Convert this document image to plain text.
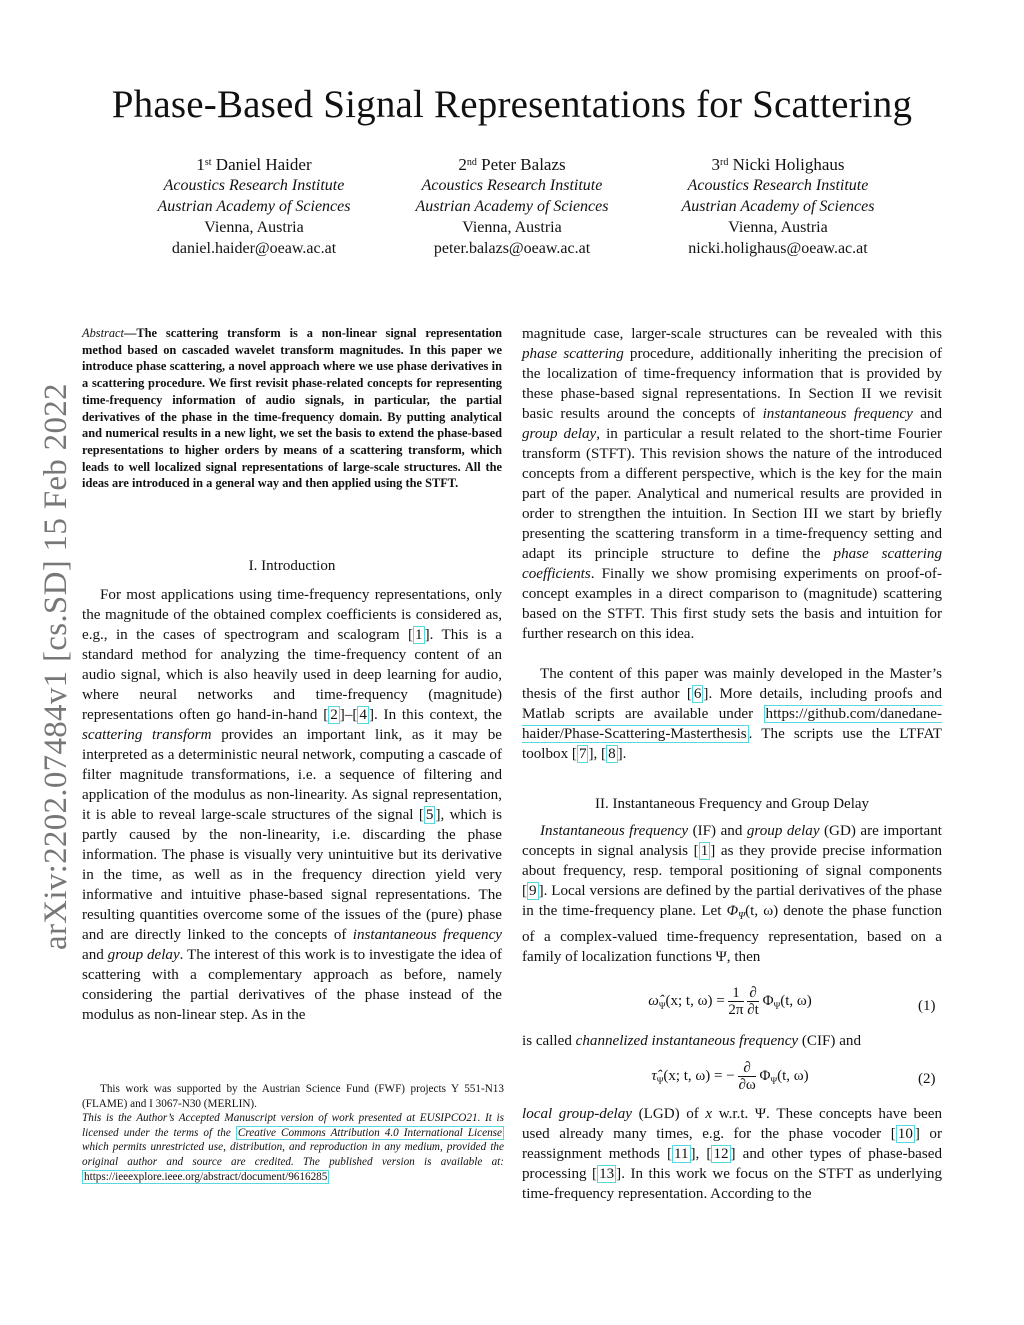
Phase-Based Signal Representations for Scattering
1st Daniel Haider
Acoustics Research Institute
Austrian Academy of Sciences
Vienna, Austria
daniel.haider@oeaw.ac.at
2nd Peter Balazs
Acoustics Research Institute
Austrian Academy of Sciences
Vienna, Austria
peter.balazs@oeaw.ac.at
3rd Nicki Holighaus
Acoustics Research Institute
Austrian Academy of Sciences
Vienna, Austria
nicki.holighaus@oeaw.ac.at
arXiv:2202.07484v1 [cs.SD] 15 Feb 2022
Abstract—The scattering transform is a non-linear signal representation method based on cascaded wavelet transform magnitudes. In this paper we introduce phase scattering, a novel approach where we use phase derivatives in a scattering procedure. We first revisit phase-related concepts for representing time-frequency information of audio signals, in particular, the partial derivatives of the phase in the time-frequency domain. By putting analytical and numerical results in a new light, we set the basis to extend the phase-based representations to higher orders by means of a scattering transform, which leads to well localized signal representations of large-scale structures. All the ideas are introduced in a general way and then applied using the STFT.
I. Introduction

For most applications using time-frequency representations, only the magnitude of the obtained complex coefficients is considered as, e.g., in the cases of spectrogram and scalogram [ 1 ]. This is a standard method for analyzing the time-frequency content of an audio signal, which is also heavily used in deep learning for audio, where neural networks and time-frequency (magnitude) representations often go hand-in-hand [ 2 ]–[ 4 ]. In this context, the scattering transform provides an important link, as it may be interpreted as a deterministic neural network, computing a cascade of filter magnitude transformations, i.e. a sequence of filtering and application of the modulus as non-linearity. As signal representation, it is able to reveal large-scale structures of the signal [ 5 ], which is partly caused by the non-linearity, i.e. discarding the phase information. The phase is visually very unintuitive but its derivative in the time, as well as in the frequency direction yield very informative and intuitive phase-based signal representations. The resulting quantities overcome some of the issues of the (pure) phase and are directly linked to the concepts of instantaneous frequency and group delay. The interest of this work is to investigate the idea of scattering with a complementary approach as before, namely considering the partial derivatives of the phase instead of the modulus as non-linear step. As in the

This work was supported by the Austrian Science Fund (FWF) projects Y 551-N13 (FLAME) and I 3067-N30 (MERLIN).

This is the Author’s Accepted Manuscript version of work presented at EUSIPCO21. It is licensed under the terms of the Creative Commons Attribution 4.0 International License which permits unrestricted use, distribution, and reproduction in any medium, provided the original author and source are credited. The published version is available at: https://ieeexplore.ieee.org/abstract/document/9616285

magnitude case, larger-scale structures can be revealed with this phase scattering procedure, additionally inheriting the precision of the localization of time-frequency information that is provided by these phase-based signal representations. In Section II we revisit basic results around the concepts of instantaneous frequency and group delay, in particular a result related to the short-time Fourier transform (STFT). This revision shows the nature of the introduced concepts from a different perspective, which is the key for the main part of the paper. Analytical and numerical results are provided in order to strengthen the intuition. In Section III we start by briefly presenting the scattering transform in a time-frequency setting and adapt its principle structure to define the phase scattering coefficients. Finally we show promising experiments on proof-of-concept examples in a direct comparison to (magnitude) scattering based on the STFT. This first study sets the basis and intuition for further research on this idea.

The content of this paper was mainly developed in the Master’s thesis of the first author [ 6 ]. More details, including proofs and Matlab scripts are available under https://github.com/danedane-haider/Phase-Scattering-Masterthesis . The scripts use the LTFAT toolbox [ 7 ], [ 8 ].

II. Instantaneous Frequency and Group Delay

Instantaneous frequency (IF) and group delay (GD) are important concepts in signal analysis [ 1 ] as they provide precise information about frequency, resp. temporal positioning of signal components [ 9 ]. Local versions are defined by the partial derivatives of the phase in the time-frequency plane. Let $\Phi_\Psi(t$, ω) denote the phase function of a complex-valued time-frequency representation, based on a family of localization functions Ψ, then

$\omegâ_\Psi(x$; t, $\omega) = \frac{1}{2\pi}$
$\frac{\partial}{\partial t} \Phi_\Psi(t$, ω)	(1)

is called channelized instantaneous frequency (CIF) and

$\taû_\Psi(x$; t, ω) = − $\frac{\partial}{\partial\omega} \Phi_\Psi(t$, ω)	(2)

local group-delay (LGD) of x w.r.t. Ψ. These concepts have been used already many times, e.g. for the phase vocoder [ 10 ] or reassignment methods [ 11 ], [ 12 ] and other types of phase-based processing [ 13 ]. In this work we focus on the STFT as underlying time-frequency representation. According to the
